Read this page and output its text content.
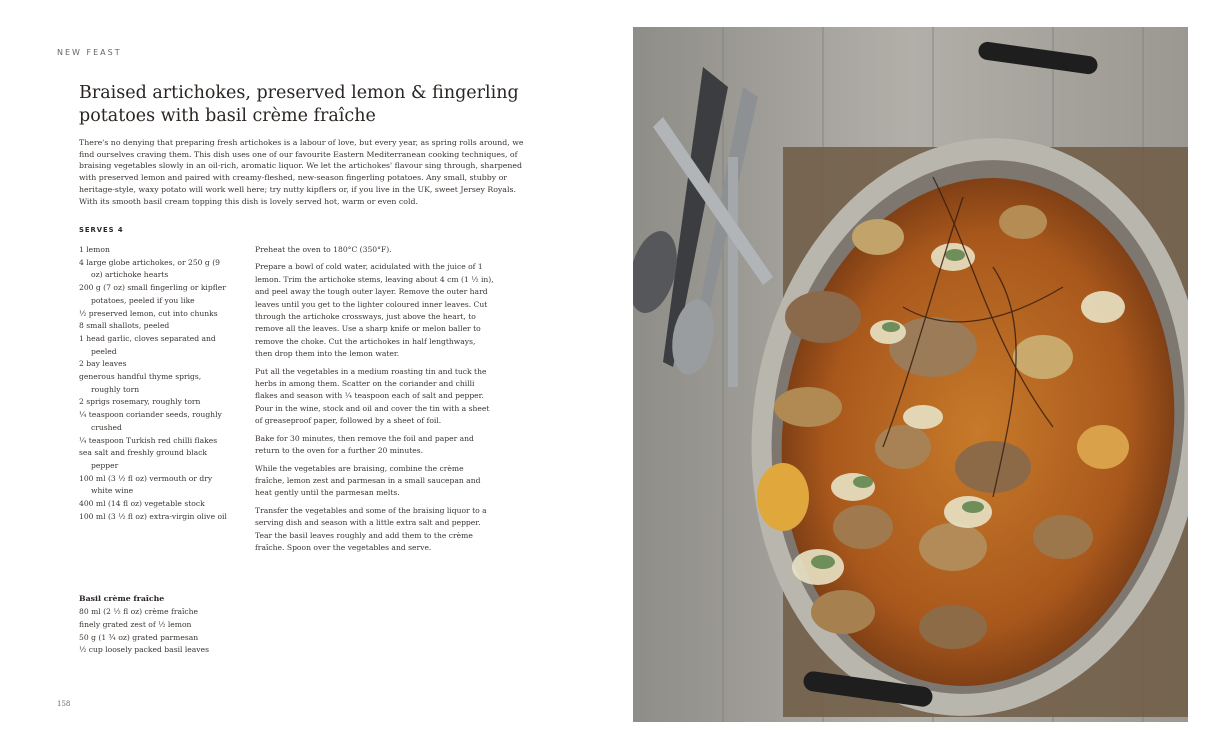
NEW FEAST
Braised artichokes, preserved lemon & fingerling potatoes with basil crème fraîche

There's no denying that preparing fresh artichokes is a labour of love, but every year, as spring rolls around, we find ourselves craving them. This dish uses one of our favourite Eastern Mediterranean cooking techniques, of braising vegetables slowly in an oil-rich, aromatic liquor. We let the artichokes' flavour sing through, sharpened with preserved lemon and paired with creamy-fleshed, new-season fingerling potatoes. Any small, stubby or heritage-style, waxy potato will work well here; try nutty kipflers or, if you live in the UK, sweet Jersey Royals. With its smooth basil cream topping this dish is lovely served hot, warm or even cold.

SERVES 4
1 lemon
4 large globe artichokes, or 250 g (9 oz) artichoke hearts
200 g (7 oz) small fingerling or kipfler potatoes, peeled if you like
½ preserved lemon, cut into chunks
8 small shallots, peeled
1 head garlic, cloves separated and peeled
2 bay leaves
generous handful thyme sprigs, roughly torn
2 sprigs rosemary, roughly torn
¼ teaspoon coriander seeds, roughly crushed
¼ teaspoon Turkish red chilli flakes
sea salt and freshly ground black pepper
100 ml (3 ½ fl oz) vermouth or dry white wine
400 ml (14 fl oz) vegetable stock
100 ml (3 ½ fl oz) extra-virgin olive oil
Basil crème fraîche
80 ml (2 ½ fl oz) crème fraîche
finely grated zest of ½ lemon
50 g (1 ¾ oz) grated parmesan
½ cup loosely packed basil leaves

Preheat the oven to 180°C (350°F).

Prepare a bowl of cold water, acidulated with the juice of 1 lemon. Trim the artichoke stems, leaving about 4 cm (1 ½ in), and peel away the tough outer layer. Remove the outer hard leaves until you get to the lighter coloured inner leaves. Cut through the artichoke crossways, just above the heart, to remove all the leaves. Use a sharp knife or melon baller to remove the choke. Cut the artichokes in half lengthways, then drop them into the lemon water.

Put all the vegetables in a medium roasting tin and tuck the herbs in among them. Scatter on the coriander and chilli flakes and season with ¼ teaspoon each of salt and pepper. Pour in the wine, stock and oil and cover the tin with a sheet of greaseproof paper, followed by a sheet of foil.

Bake for 30 minutes, then remove the foil and paper and return to the oven for a further 20 minutes.

While the vegetables are braising, combine the crème fraîche, lemon zest and parmesan in a small saucepan and heat gently until the parmesan melts.

Transfer the vegetables and some of the braising liquor to a serving dish and season with a little extra salt and pepper. Tear the basil leaves roughly and add them to the crème fraîche. Spoon over the vegetables and serve.

158
